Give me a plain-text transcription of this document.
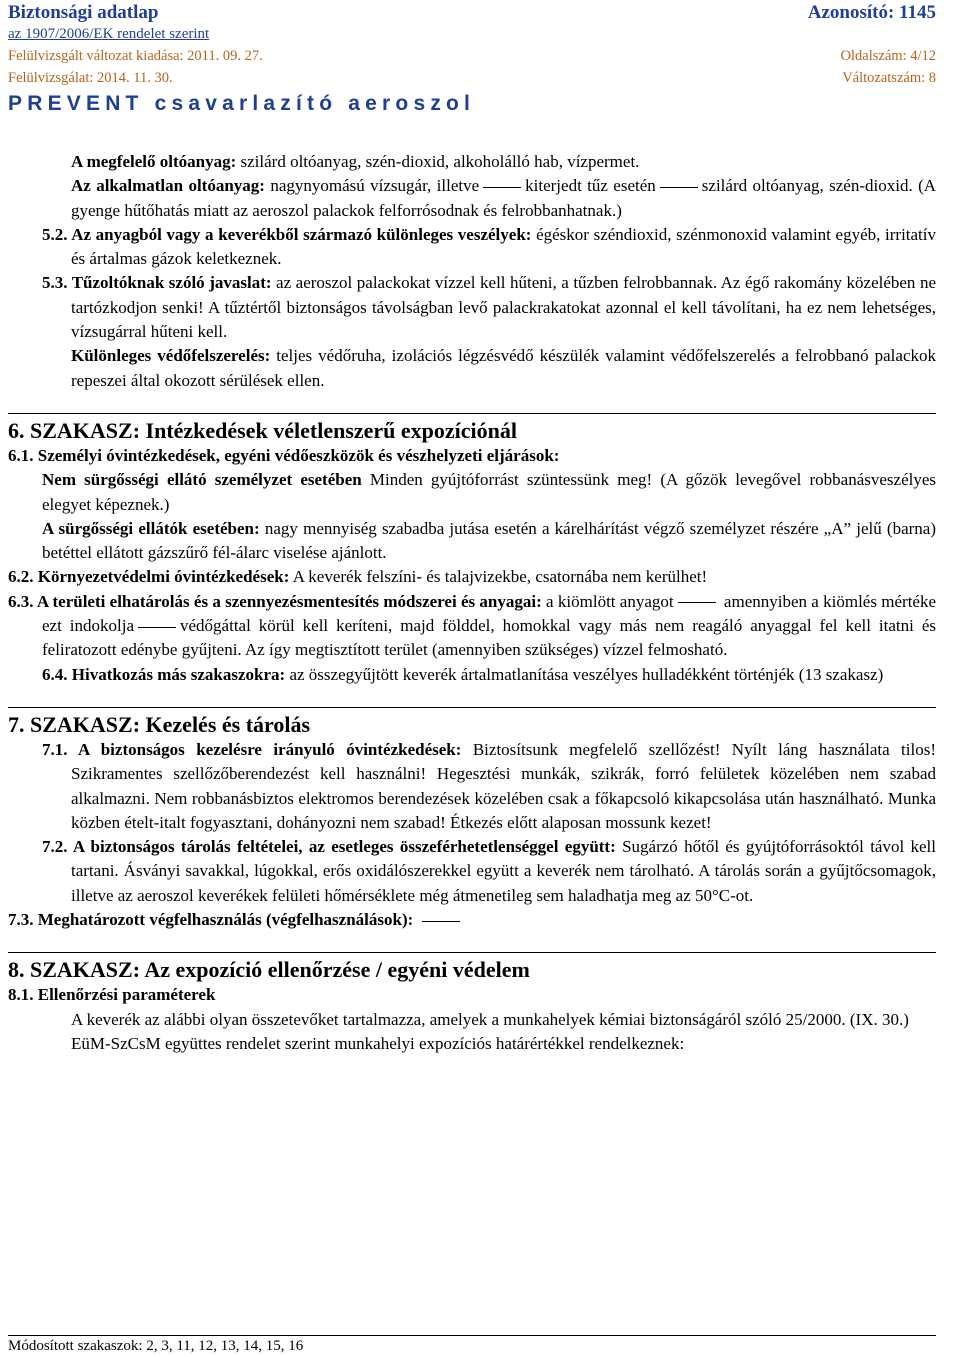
Biztonsági adatlap	Azonosító: 1145
az 1907/2006/EK rendelet szerint
Felülvizsgált változat kiadása: 2011. 09. 27.	Oldalszám: 4/12
Felülvizsgálat: 2014. 11. 30.	Változatszám: 8
PREVENT csavarlazító aeroszol

A megfelelő oltóanyag: szilárd oltóanyag, szén-dioxid, alkoholálló hab, vízpermet.

Az alkalmatlan oltóanyag: nagynyomású vízsugár, illetve	kiterjedt tűz esetén	szilárd oltóanyag, szén-dioxid. (A gyenge hűtőhatás miatt az aeroszol palackok felforrósodnak és felrobbanhatnak.)

5.2. Az anyagból vagy a keverékből származó különleges veszélyek: égéskor széndioxid, szénmonoxid valamint egyéb, irritatív és ártalmas gázok keletkeznek.

5.3. Tűzoltóknak szóló javaslat: az aeroszol palackokat vízzel kell hűteni, a tűzben felrobbannak. Az égő rakomány közelében ne tartózkodjon senki! A tűztértől biztonságos távolságban levő palackrakatokat azonnal el kell távolítani, ha ez nem lehetséges, vízsugárral hűteni kell.

Különleges védőfelszerelés: teljes védőruha, izolációs légzésvédő készülék valamint védőfelszerelés a felrobbanó palackok repeszei által okozott sérülések ellen.

6. SZAKASZ: Intézkedések véletlenszerű expozíciónál

6.1. Személyi óvintézkedések, egyéni védőeszközök és vészhelyzeti eljárások:

Nem sürgősségi ellátó személyzet esetében Minden gyújtóforrást szüntessünk meg! (A gőzök levegővel robbanásveszélyes elegyet képeznek.)

A sürgősségi ellátók esetében: nagy mennyiség szabadba jutása esetén a kárelhárítást végző személyzet részére „A” jelű (barna) betéttel ellátott gázszűrő fél-álarc viselése ajánlott.

6.2. Környezetvédelmi óvintézkedések: A keverék felszíni- és talajvizekbe, csatornába nem kerülhet!

6.3. A területi elhatárolás és a szennyezésmentesítés módszerei és anyagai: a kiömlött anyagot	amennyiben a kiömlés mértéke ezt indokolja	védőgáttal körül kell keríteni, majd földdel, homokkal vagy más nem reagáló anyaggal fel kell itatni és feliratozott edénybe gyűjteni. Az így megtisztított terület (amennyiben szükséges) vízzel felmosható.

6.4. Hivatkozás más szakaszokra: az összegyűjtött keverék ártalmatlanítása veszélyes hulladékként történjék (13 szakasz)

7. SZAKASZ: Kezelés és tárolás

7.1. A biztonságos kezelésre irányuló óvintézkedések: Biztosítsunk megfelelő szellőzést! Nyílt láng használata tilos! Szikramentes szellőzőberendezést kell használni! Hegesztési munkák, szikrák, forró felületek közelében nem szabad alkalmazni. Nem robbanásbiztos elektromos berendezések közelében csak a főkapcsoló kikapcsolása után használható. Munka közben ételt-italt fogyasztani, dohányozni nem szabad! Étkezés előtt alaposan mossunk kezet!

7.2. A biztonságos tárolás feltételei, az esetleges összeférhetetlenséggel együtt: Sugárzó hőtől és gyújtóforrásoktól távol kell tartani. Ásványi savakkal, lúgokkal, erős oxidálószerekkel együtt a keverék nem tárolható. A tárolás során a gyűjtőcsomagok, illetve az aeroszol keverékek felületi hőmérséklete még átmenetileg sem haladhatja meg az 50°C-ot.

7.3. Meghatározott végfelhasználás (végfelhasználások):

8. SZAKASZ: Az expozíció ellenőrzése / egyéni védelem

8.1. Ellenőrzési paraméterek

A keverék az alábbi olyan összetevőket tartalmazza, amelyek a munkahelyek kémiai biztonságáról szóló 25/2000. (IX. 30.) EüM-SzCsM együttes rendelet szerint munkahelyi expozíciós határértékkel rendelkeznek:

Módosított szakaszok: 2, 3, 11, 12, 13, 14, 15, 16
